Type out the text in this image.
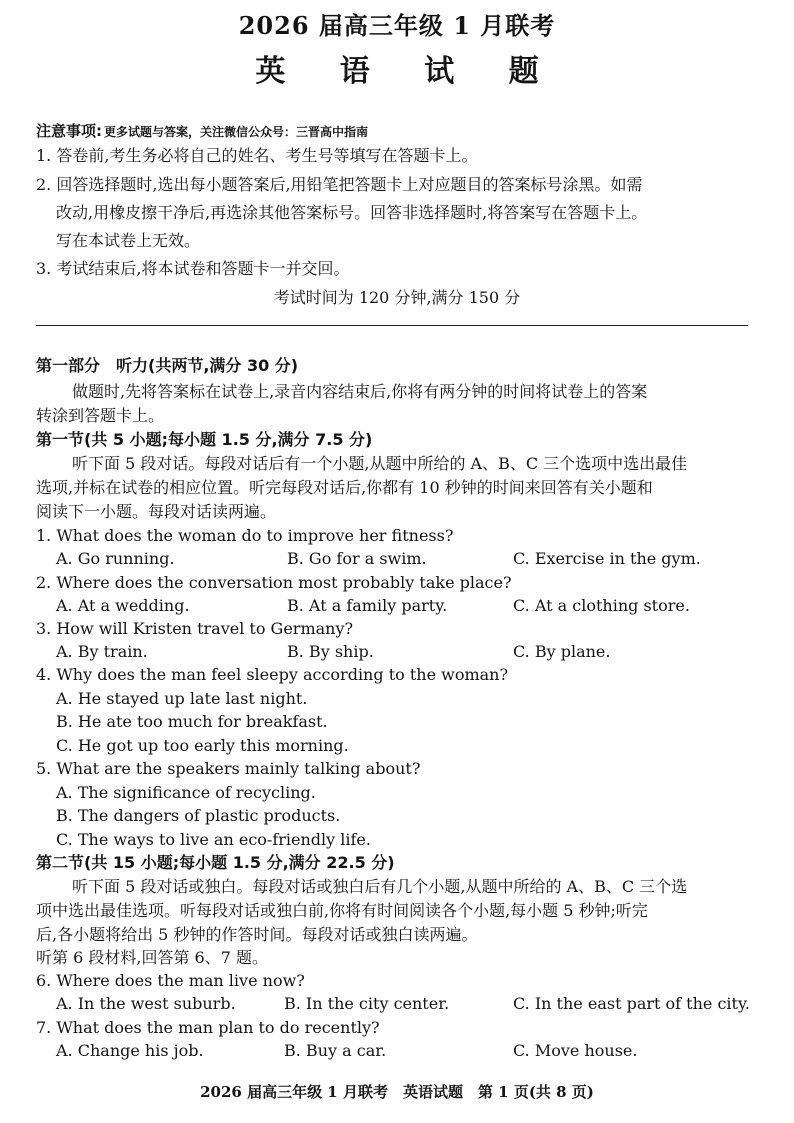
2026 届高三年级 1 月联考
英 语 试 题
注意事项: 更多试题与答案，关注微信公众号：三晋高中指南
1. 答卷前,考生务必将自己的姓名、考生号等填写在答题卡上。
2. 回答选择题时,选出每小题答案后,用铅笔把答题卡上对应题目的答案标号涂黑。如需
改动,用橡皮擦干净后,再选涂其他答案标号。回答非选择题时,将答案写在答题卡上。
写在本试卷上无效。
3. 考试结束后,将本试卷和答题卡一并交回。
考试时间为 120 分钟,满分 150 分
第一部分　听力(共两节,满分 30 分)
做题时,先将答案标在试卷上,录音内容结束后,你将有两分钟的时间将试卷上的答案
转涂到答题卡上。
第一节(共 5 小题;每小题 1.5 分,满分 7.5 分)
听下面 5 段对话。每段对话后有一个小题,从题中所给的 A、B、C 三个选项中选出最佳
选项,并标在试卷的相应位置。听完每段对话后,你都有 10 秒钟的时间来回答有关小题和
阅读下一小题。每段对话读两遍。
1. What does the woman do to improve her fitness?
A. Go running.	B. Go for a swim.	C. Exercise in the gym.
2. Where does the conversation most probably take place?
A. At a wedding.	B. At a family party.	C. At a clothing store.
3. How will Kristen travel to Germany?
A. By train.	B. By ship.	C. By plane.
4. Why does the man feel sleepy according to the woman?
A. He stayed up late last night.
B. He ate too much for breakfast.
C. He got up too early this morning.
5. What are the speakers mainly talking about?
A. The significance of recycling.
B. The dangers of plastic products.
C. The ways to live an eco-friendly life.
第二节(共 15 小题;每小题 1.5 分,满分 22.5 分)
听下面 5 段对话或独白。每段对话或独白后有几个小题,从题中所给的 A、B、C 三个选
项中选出最佳选项。听每段对话或独白前,你将有时间阅读各个小题,每小题 5 秒钟;听完
后,各小题将给出 5 秒钟的作答时间。每段对话或独白读两遍。
听第 6 段材料,回答第 6、7 题。
6. Where does the man live now?
A. In the west suburb.	B. In the city center.	C. In the east part of the city.
7. What does the man plan to do recently?
A. Change his job.	B. Buy a car.	C. Move house.
2026 届高三年级 1 月联考　英语试题　第 1 页(共 8 页)
